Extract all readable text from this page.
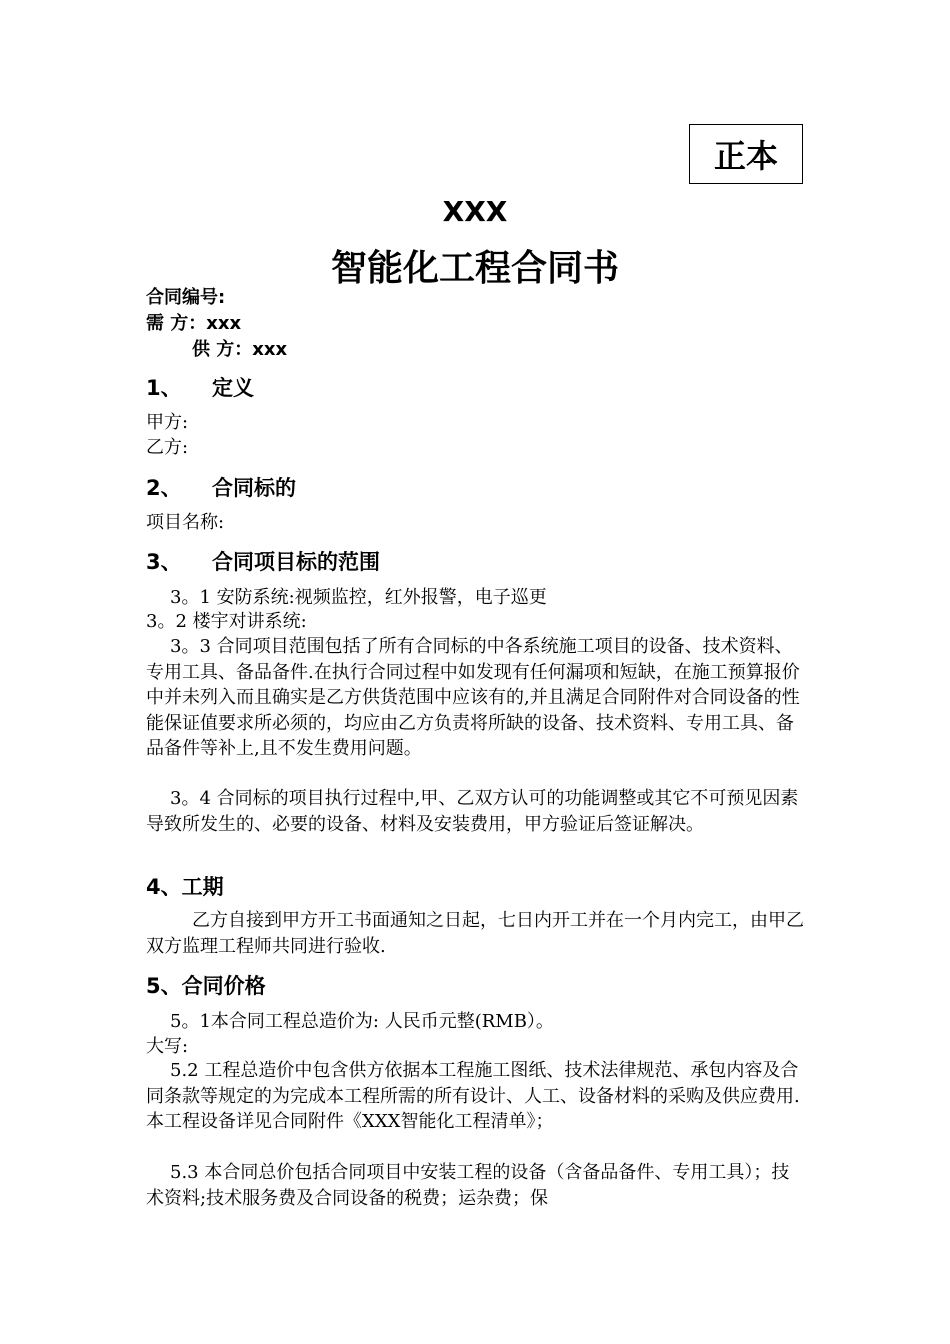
正本
XXX
智能化工程合同书
合同编号:
需 方：xxx
供 方：xxx
1、 定义
甲方:
乙方:
2、 合同标的
项目名称:
3、 合同项目标的范围
3。1 安防系统:视频监控，红外报警，电子巡更
3。2 楼宇对讲系统:
3。3 合同项目范围包括了所有合同标的中各系统施工项目的设备、技术资料、专用工具、备品备件.在执行合同过程中如发现有任何漏项和短缺，在施工预算报价中并未列入而且确实是乙方供货范围中应该有的,并且满足合同附件对合同设备的性能保证值要求所必须的，均应由乙方负责将所缺的设备、技术资料、专用工具、备品备件等补上,且不发生费用问题。
3。4 合同标的项目执行过程中,甲、乙双方认可的功能调整或其它不可预见因素导致所发生的、必要的设备、材料及安装费用，甲方验证后签证解决。
4、工期
乙方自接到甲方开工书面通知之日起，七日内开工并在一个月内完工，由甲乙双方监理工程师共同进行验收.
5、合同价格
5。1本合同工程总造价为: 人民币元整(RMB）。
大写:
5.2 工程总造价中包含供方依据本工程施工图纸、技术法律规范、承包内容及合同条款等规定的为完成本工程所需的所有设计、人工、设备材料的采购及供应费用.本工程设备详见合同附件《XXX智能化工程清单》；
5.3 本合同总价包括合同项目中安装工程的设备（含备品备件、专用工具）；技术资料;技术服务费及合同设备的税费；运杂费；保
